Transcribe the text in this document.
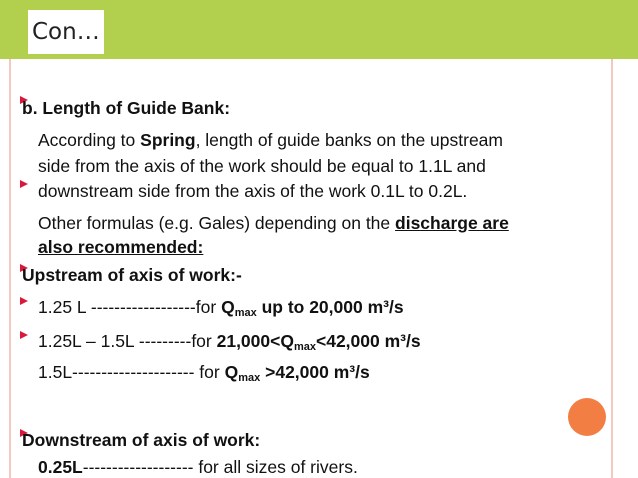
Con…
b. Length of Guide Bank:
According to Spring, length of guide banks on the upstream
side from the axis of the work should be equal to 1.1L and
downstream side from the axis of the work 0.1L to 0.2L.
Other formulas (e.g. Gales) depending on the discharge are
also recommended:
Upstream of axis of work:-
1.25 L ------------------for $Q_{max}$ up to 20,000 m³/s
1.25L – 1.5L ---------for $21,000<Q_{max}<42,000$ m³/s
1.5L--------------------- for $Q_{max} >42,000$ m³/s
Downstream of axis of work:
0.25L------------------- for all sizes of rivers.
